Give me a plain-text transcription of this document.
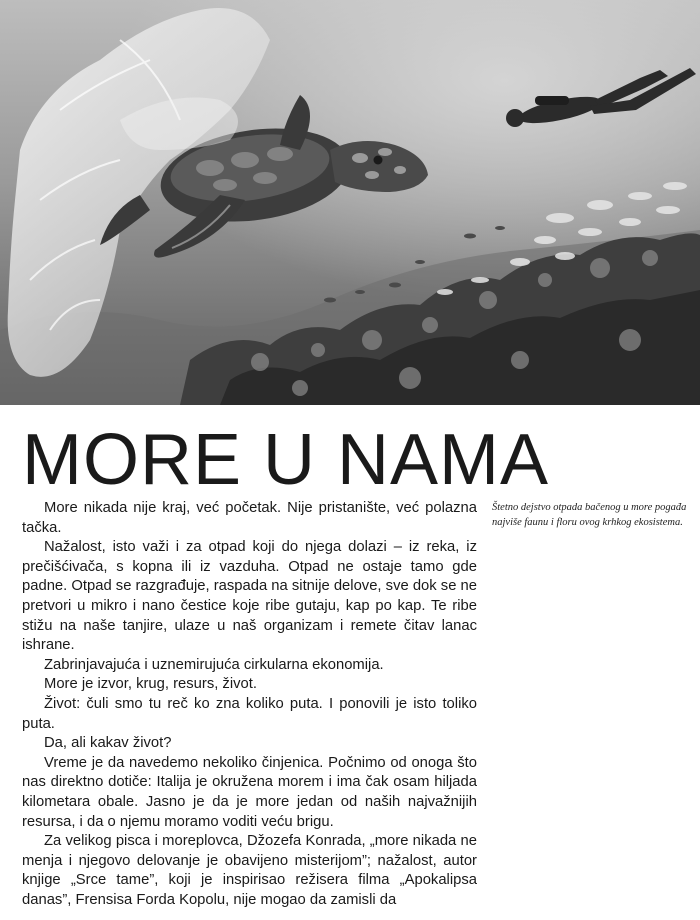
MORE U NAMA

More nikada nije kraj, već početak. Nije pristanište, već polazna tačka.

Nažalost, isto važi i za otpad koji do njega dolazi – iz reka, iz prečišćivača, s kopna ili iz vazduha. Otpad ne ostaje tamo gde padne. Otpad se razgrađuje, raspada na sitnije delove, sve dok se ne pretvori u mikro i nano čestice koje ribe gutaju, kap po kap. Te ribe stižu na naše tanjire, ulaze u naš organizam i remete čitav lanac ishrane.

Zabrinjavajuća i uznemirujuća cirkularna ekonomija.

More je izvor, krug, resurs, život.

Život: čuli smo tu reč ko zna koliko puta. I ponovili je isto toliko puta.

Da, ali kakav život?

Vreme je da navedemo nekoliko činjenica. Počnimo od onoga što nas direktno dotiče: Italija je okružena morem i ima čak osam hiljada kilometara obale. Jasno je da je more jedan od naših najvažnijih resursa, i da o njemu moramo voditi veću brigu.

Za velikog pisca i moreplovca, Džozefa Konrada, „more nikada ne menja i njegovo delovanje je obavijeno misterijom”; nažalost, autor knjige „Srce tame”, koji je inspirisao režisera filma „Apokalipsa danas”, Frensisa Forda Kopolu, nije mogao da zamisli da

Štetno dejstvo otpada bačenog u more pogađa najviše faunu i floru ovog krhkog ekosistema.
